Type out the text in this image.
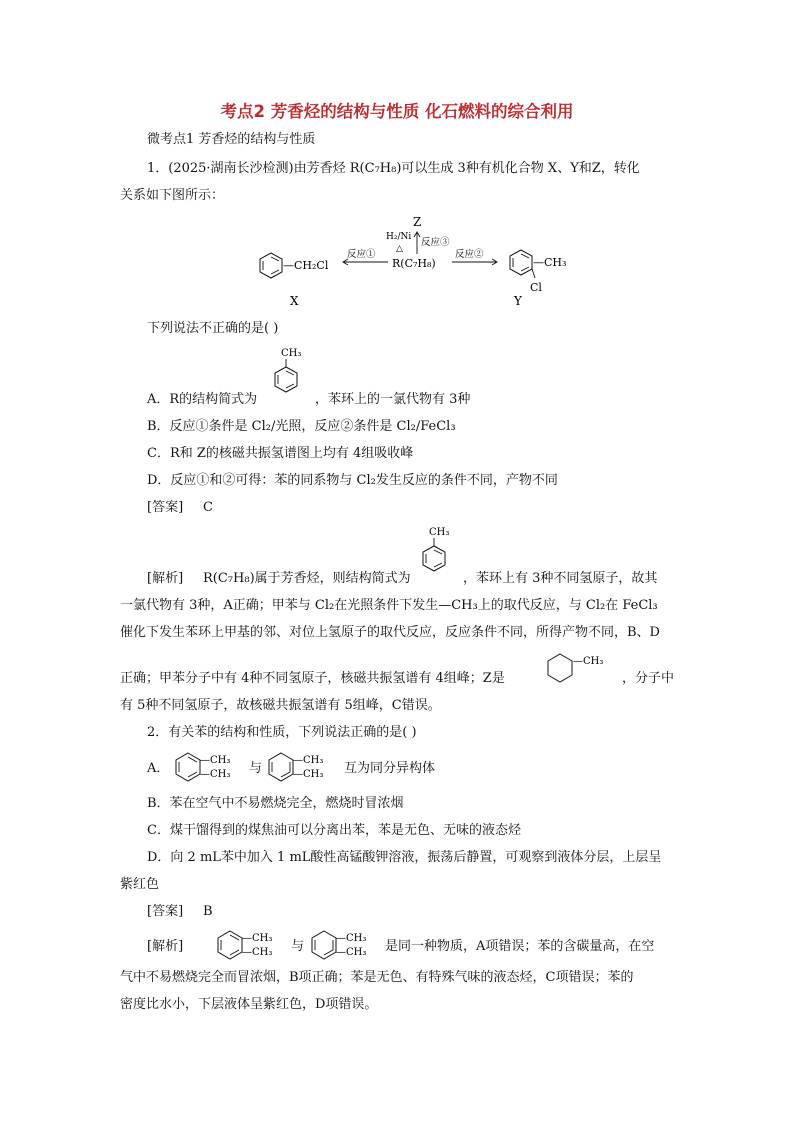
考点2 芳香烃的结构与性质 化石燃料的综合利用
微考点1 芳香烃的结构与性质
1．(2025·湖南长沙检测)由芳香烃 R(C₇H₈)可以生成 3种有机化合物 X、Y和Z，转化
关系如下图所示：
—CH₂Cl
X
反应①
Z
H₂/Ni
△
反应③
R(C₇H₈)
反应②
—CH₃
Cl
Y
下列说法不正确的是( )
A．R的结构简式为
CH₃
，苯环上的一氯代物有 3种
B．反应①条件是 Cl₂/光照，反应②条件是 Cl₂/FeCl₃
C．R和 Z的核磁共振氢谱图上均有 4组吸收峰
D．反应①和②可得：苯的同系物与 Cl₂发生反应的条件不同，产物不同
[答案] C
[解析] R(C₇H₈)属于芳香烃，则结构简式为
CH₃
，苯环上有 3种不同氢原子，故其
一氯代物有 3种，A正确；甲苯与 Cl₂在光照条件下发生—CH₃上的取代反应，与 Cl₂在 FeCl₃
催化下发生苯环上甲基的邻、对位上氢原子的取代反应，反应条件不同，所得产物不同，B、D
正确；甲苯分子中有 4种不同氢原子，核磁共振氢谱有 4组峰；Z是
—CH₃
，分子中
有 5种不同氢原子，故核磁共振氢谱有 5组峰，C错误。
2．有关苯的结构和性质，下列说法正确的是( )
A．
—CH₃
—CH₃ 与
—CH₃
—CH₃ 互为同分异构体
B．苯在空气中不易燃烧完全，燃烧时冒浓烟
C．煤干馏得到的煤焦油可以分离出苯，苯是无色、无味的液态烃
D．向 2 mL苯中加入 1 mL酸性高锰酸钾溶液，振荡后静置，可观察到液体分层，上层呈
紫红色
[答案] B
[解析]
—CH₃
—CH₃ 与
—CH₃
—CH₃ 是同一种物质，A项错误；苯的含碳量高，在空
气中不易燃烧完全而冒浓烟，B项正确；苯是无色、有特殊气味的液态烃，C项错误；苯的
密度比水小，下层液体呈紫红色，D项错误。
